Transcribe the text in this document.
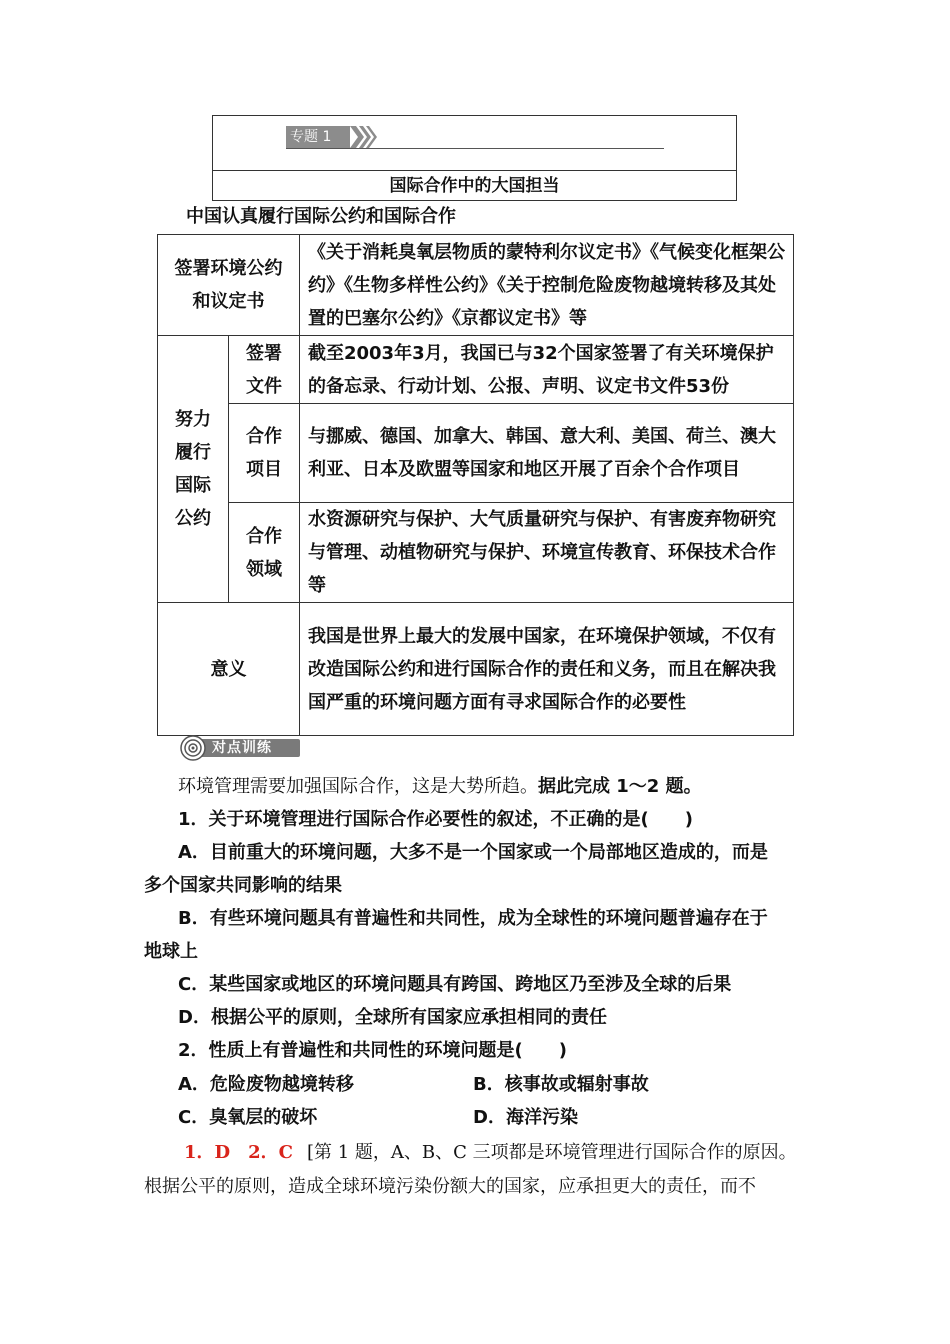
专题 1
国际合作中的大国担当
中国认真履行国际公约和国际合作
签署环境公约和议定书		《关于消耗臭氧层物质的蒙特利尔议定书》《气候变化框架公约》《生物多样性公约》《关于控制危险废物越境转移及其处置的巴塞尔公约》《京都议定书》等

努力履行国际公约	签署文件	截至2003年3月，我国已与32个国家签署了有关环境保护的备忘录、行动计划、公报、声明、议定书文件53份

	合作项目	与挪威、德国、加拿大、韩国、意大利、美国、荷兰、澳大利亚、日本及欧盟等国家和地区开展了百余个合作项目

	合作领域	水资源研究与保护、大气质量研究与保护、有害废弃物研究与管理、动植物研究与保护、环境宣传教育、环保技术合作等
意义		我国是世界上最大的发展中国家，在环境保护领域，不仅有改造国际公约和进行国际合作的责任和义务，而且在解决我国严重的环境问题方面有寻求国际合作的必要性
对点训练
环境管理需要加强国际合作，这是大势所趋。据此完成 1～2 题。
1．关于环境管理进行国际合作必要性的叙述，不正确的是(　　)
A．目前重大的环境问题，大多不是一个国家或一个局部地区造成的，而是
多个国家共同影响的结果
B．有些环境问题具有普遍性和共同性，成为全球性的环境问题普遍存在于
地球上
C．某些国家或地区的环境问题具有跨国、跨地区乃至涉及全球的后果
D．根据公平的原则，全球所有国家应承担相同的责任
2．性质上有普遍性和共同性的环境问题是(　　)
A．危险废物越境转移	B．核事故或辐射事故
C．臭氧层的破坏	D．海洋污染
1．D　2．C [第 1 题，A、B、C 三项都是环境管理进行国际合作的原因。
根据公平的原则，造成全球环境污染份额大的国家，应承担更大的责任，而不
